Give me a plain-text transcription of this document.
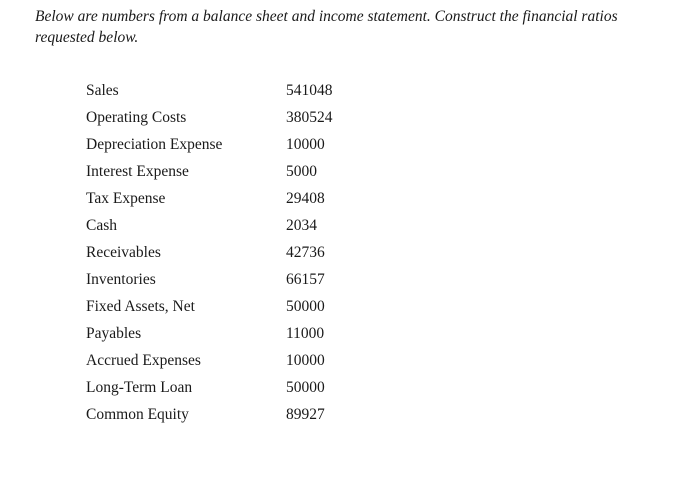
Below are numbers from a balance sheet and income statement. Construct the financial ratios
requested below.

Sales	541048
Operating Costs	380524
Depreciation Expense	10000
Interest Expense	5000
Tax Expense	29408
Cash	2034
Receivables	42736
Inventories	66157
Fixed Assets, Net	50000
Payables	11000
Accrued Expenses	10000
Long-Term Loan	50000
Common Equity	89927
